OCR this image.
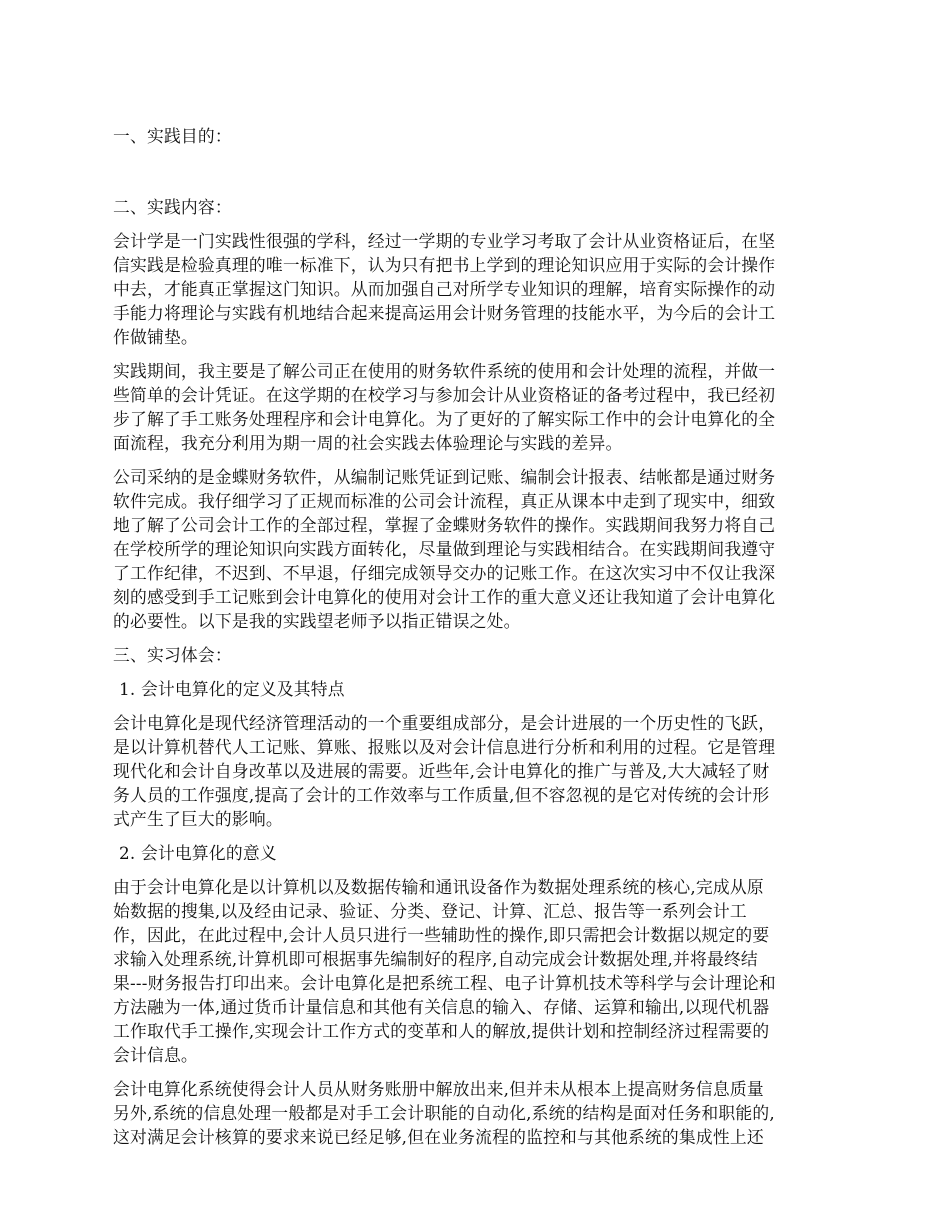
一、实践目的：

二、实践内容：

会计学是一门实践性很强的学科，经过一学期的专业学习考取了会计从业资格证后，在坚
信实践是检验真理的唯一标准下，认为只有把书上学到的理论知识应用于实际的会计操作
中去，才能真正掌握这门知识。从而加强自己对所学专业知识的理解，培育实际操作的动
手能力将理论与实践有机地结合起来提高运用会计财务管理的技能水平，为今后的会计工
作做铺垫。

实践期间，我主要是了解公司正在使用的财务软件系统的使用和会计处理的流程，并做一
些简单的会计凭证。在这学期的在校学习与参加会计从业资格证的备考过程中，我已经初
步了解了手工账务处理程序和会计电算化。为了更好的了解实际工作中的会计电算化的全
面流程，我充分利用为期一周的社会实践去体验理论与实践的差异。

公司采纳的是金蝶财务软件，从编制记账凭证到记账、编制会计报表、结帐都是通过财务
软件完成。我仔细学习了正规而标准的公司会计流程，真正从课本中走到了现实中，细致
地了解了公司会计工作的全部过程，掌握了金蝶财务软件的操作。实践期间我努力将自己
在学校所学的理论知识向实践方面转化，尽量做到理论与实践相结合。在实践期间我遵守
了工作纪律，不迟到、不早退，仔细完成领导交办的记账工作。在这次实习中不仅让我深
刻的感受到手工记账到会计电算化的使用对会计工作的重大意义还让我知道了会计电算化
的必要性。以下是我的实践望老师予以指正错误之处。

三、实习体会：

1. 会计电算化的定义及其特点

会计电算化是现代经济管理活动的一个重要组成部分，是会计进展的一个历史性的飞跃，
是以计算机替代人工记账、算账、报账以及对会计信息进行分析和利用的过程。它是管理
现代化和会计自身改革以及进展的需要。近些年,会计电算化的推广与普及,大大减轻了财
务人员的工作强度,提高了会计的工作效率与工作质量,但不容忽视的是它对传统的会计形
式产生了巨大的影响。

2. 会计电算化的意义

由于会计电算化是以计算机以及数据传输和通讯设备作为数据处理系统的核心,完成从原
始数据的搜集,以及经由记录、验证、分类、登记、计算、汇总、报告等一系列会计工
作，因此，在此过程中,会计人员只进行一些辅助性的操作,即只需把会计数据以规定的要
求输入处理系统,计算机即可根据事先编制好的程序,自动完成会计数据处理,并将最终结
果---财务报告打印出来。会计电算化是把系统工程、电子计算机技术等科学与会计理论和
方法融为一体,通过货币计量信息和其他有关信息的输入、存储、运算和输出,以现代机器
工作取代手工操作,实现会计工作方式的变革和人的解放,提供计划和控制经济过程需要的
会计信息。

会计电算化系统使得会计人员从财务账册中解放出来,但并未从根本上提高财务信息质量
另外,系统的信息处理一般都是对手工会计职能的自动化,系统的结构是面对任务和职能的,
这对满足会计核算的要求来说已经足够,但在业务流程的监控和与其他系统的集成性上还
